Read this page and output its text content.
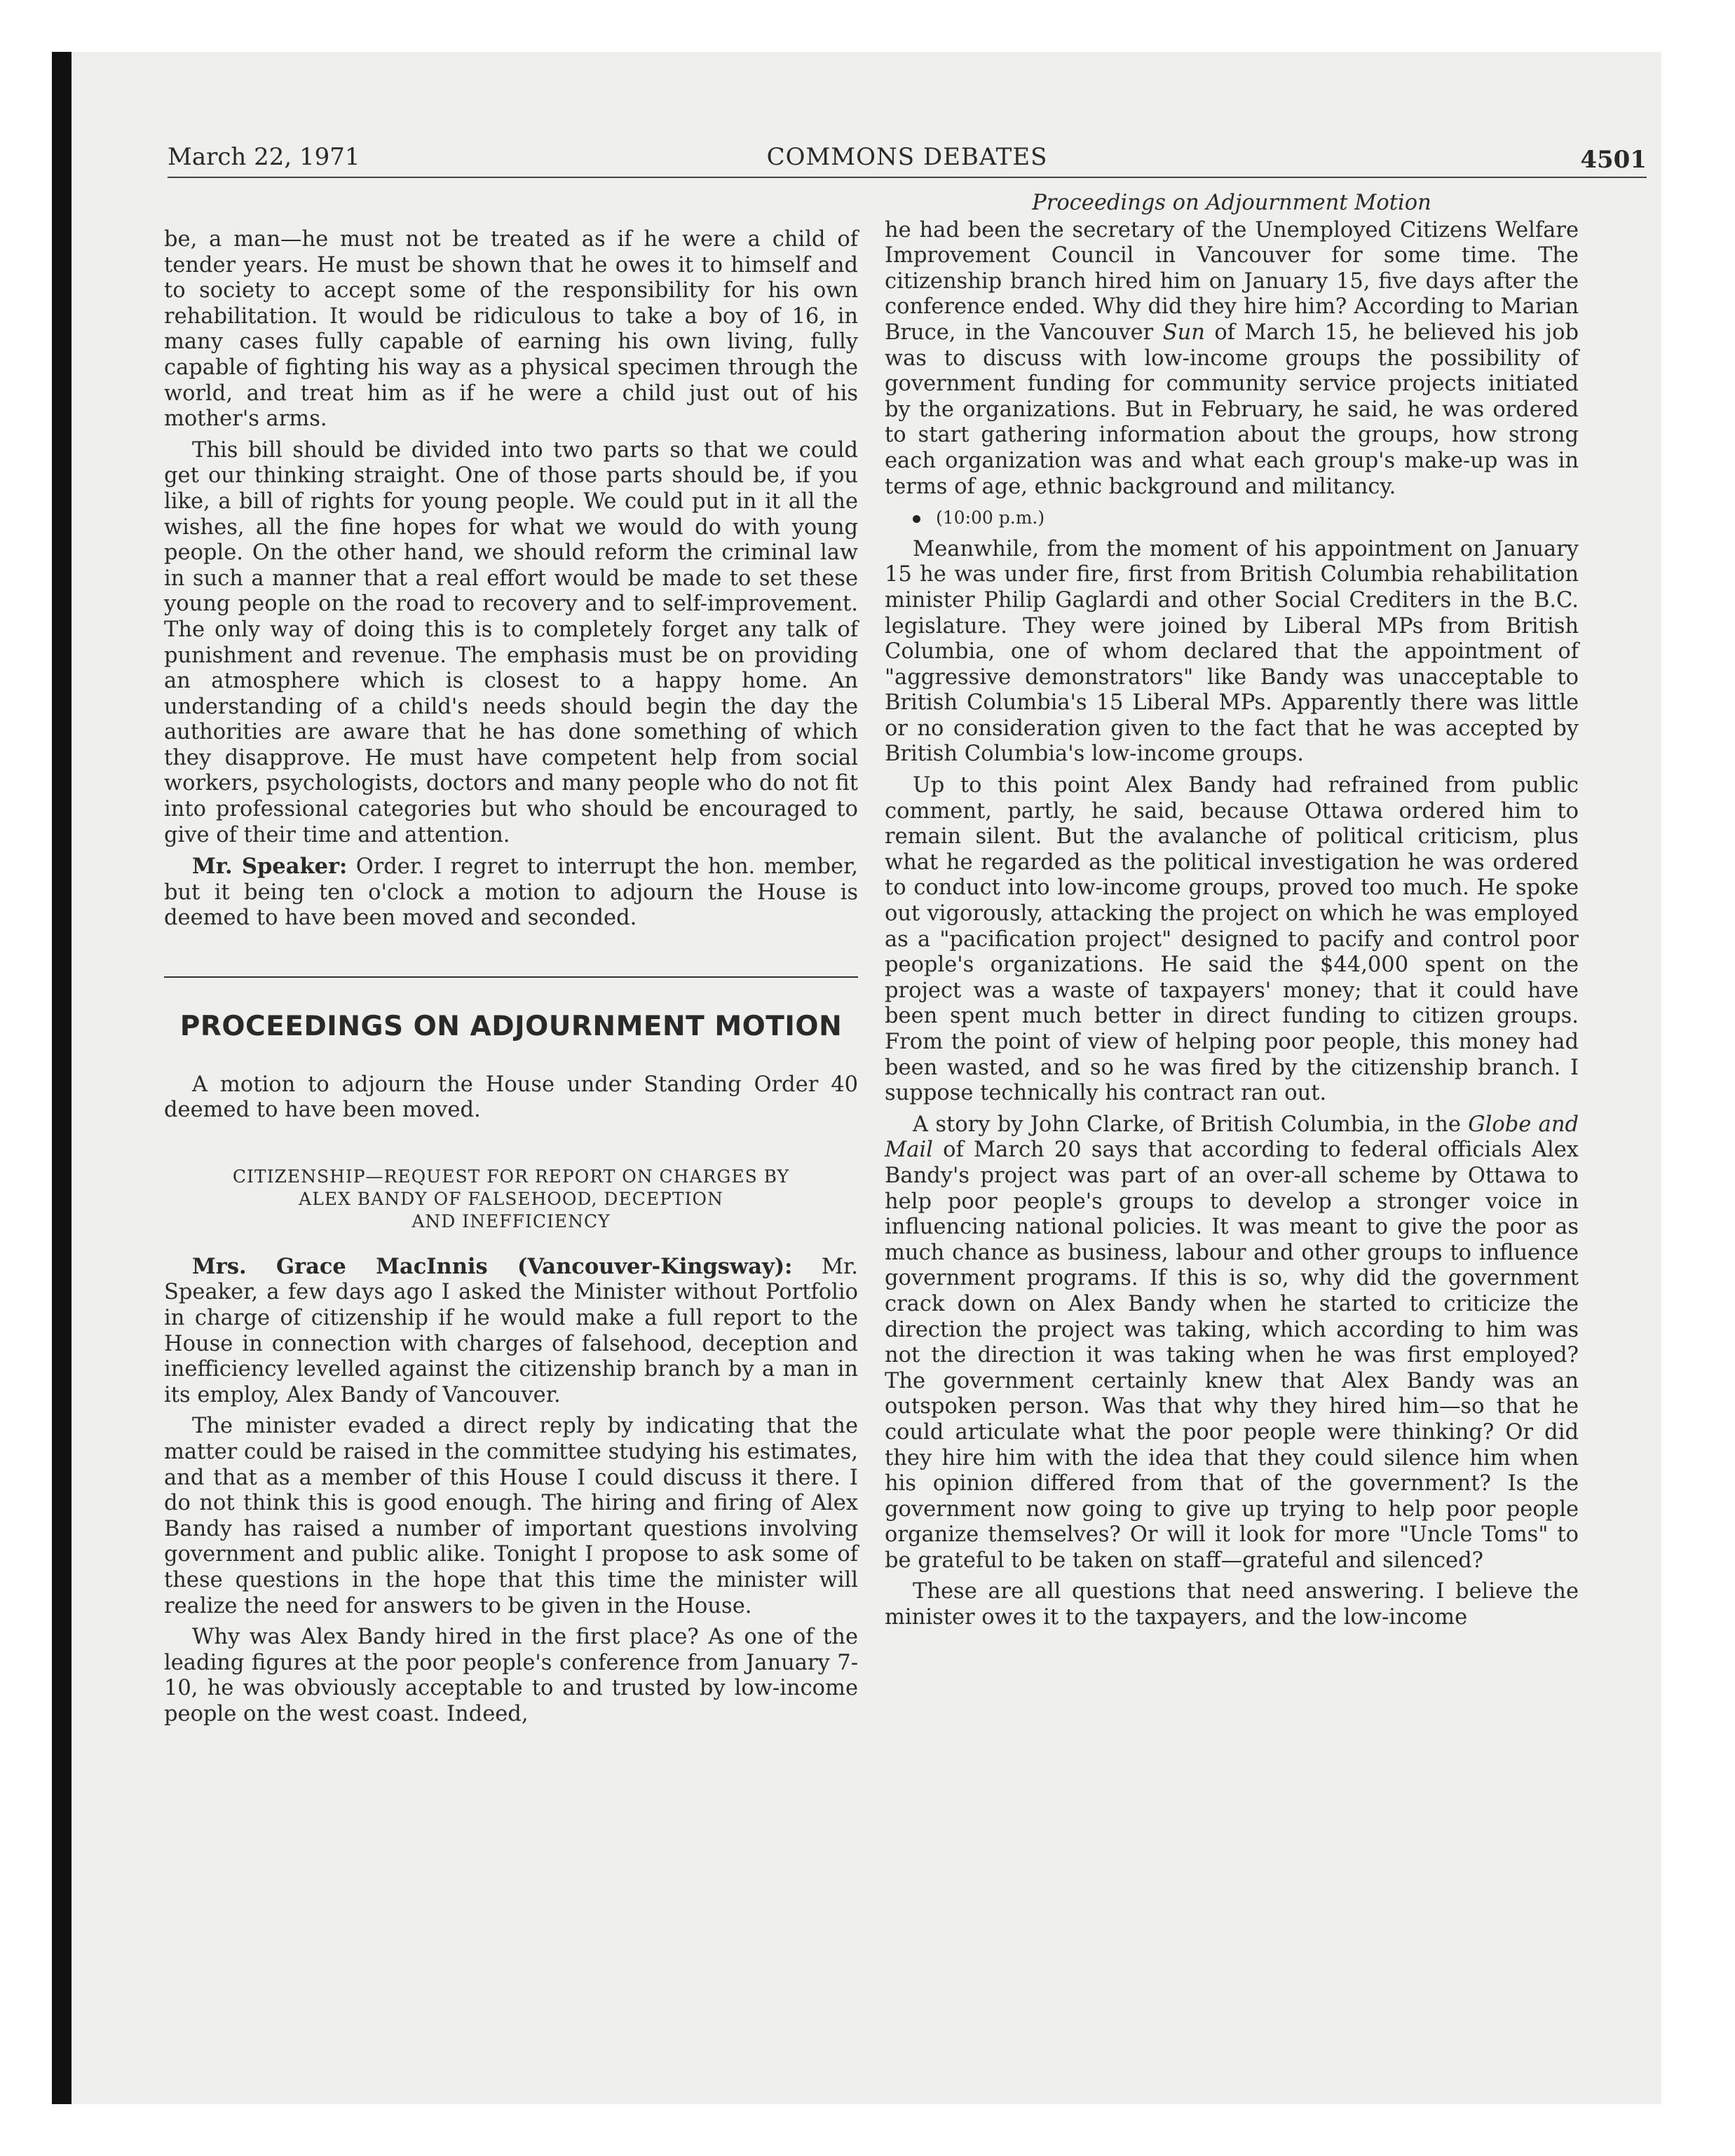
March 22, 1971	COMMONS DEBATES	4501

be, a man—he must not be treated as if he were a child of tender years. He must be shown that he owes it to himself and to society to accept some of the responsibility for his own rehabilitation. It would be ridiculous to take a boy of 16, in many cases fully capable of earning his own living, fully capable of fighting his way as a physical specimen through the world, and treat him as if he were a child just out of his mother's arms.

This bill should be divided into two parts so that we could get our thinking straight. One of those parts should be, if you like, a bill of rights for young people. We could put in it all the wishes, all the fine hopes for what we would do with young people. On the other hand, we should reform the criminal law in such a manner that a real effort would be made to set these young people on the road to recovery and to self-improvement. The only way of doing this is to completely forget any talk of punishment and revenue. The emphasis must be on providing an atmosphere which is closest to a happy home. An understanding of a child's needs should begin the day the authorities are aware that he has done something of which they disapprove. He must have competent help from social workers, psychologists, doctors and many people who do not fit into professional categories but who should be encouraged to give of their time and attention.

Mr. Speaker: Order. I regret to interrupt the hon. member, but it being ten o'clock a motion to adjourn the House is deemed to have been moved and seconded.

PROCEEDINGS ON ADJOURNMENT MOTION

A motion to adjourn the House under Standing Order 40 deemed to have been moved.

CITIZENSHIP—REQUEST FOR REPORT ON CHARGES BY
ALEX BANDY OF FALSEHOOD, DECEPTION
AND INEFFICIENCY

Mrs. Grace MacInnis (Vancouver-Kingsway): Mr. Speaker, a few days ago I asked the Minister without Portfolio in charge of citizenship if he would make a full report to the House in connection with charges of falsehood, deception and inefficiency levelled against the citizenship branch by a man in its employ, Alex Bandy of Vancouver.

The minister evaded a direct reply by indicating that the matter could be raised in the committee studying his estimates, and that as a member of this House I could discuss it there. I do not think this is good enough. The hiring and firing of Alex Bandy has raised a number of important questions involving government and public alike. Tonight I propose to ask some of these questions in the hope that this time the minister will realize the need for answers to be given in the House.

Why was Alex Bandy hired in the first place? As one of the leading figures at the poor people's conference from January 7-10, he was obviously acceptable to and trusted by low-income people on the west coast. Indeed,

Proceedings on Adjournment Motion

he had been the secretary of the Unemployed Citizens Welfare Improvement Council in Vancouver for some time. The citizenship branch hired him on January 15, five days after the conference ended. Why did they hire him? According to Marian Bruce, in the Vancouver Sun of March 15, he believed his job was to discuss with low-income groups the possibility of government funding for community service projects initiated by the organizations. But in February, he said, he was ordered to start gathering information about the groups, how strong each organization was and what each group's make-up was in terms of age, ethnic background and militancy.

(10:00 p.m.)

Meanwhile, from the moment of his appointment on January 15 he was under fire, first from British Columbia rehabilitation minister Philip Gaglardi and other Social Crediters in the B.C. legislature. They were joined by Liberal MPs from British Columbia, one of whom declared that the appointment of "aggressive demonstrators" like Bandy was unacceptable to British Columbia's 15 Liberal MPs. Apparently there was little or no consideration given to the fact that he was accepted by British Columbia's low-income groups.

Up to this point Alex Bandy had refrained from public comment, partly, he said, because Ottawa ordered him to remain silent. But the avalanche of political criticism, plus what he regarded as the political investigation he was ordered to conduct into low-income groups, proved too much. He spoke out vigorously, attacking the project on which he was employed as a "pacification project" designed to pacify and control poor people's organizations. He said the $44,000 spent on the project was a waste of taxpayers' money; that it could have been spent much better in direct funding to citizen groups. From the point of view of helping poor people, this money had been wasted, and so he was fired by the citizenship branch. I suppose technically his contract ran out.

A story by John Clarke, of British Columbia, in the Globe and Mail of March 20 says that according to federal officials Alex Bandy's project was part of an over-all scheme by Ottawa to help poor people's groups to develop a stronger voice in influencing national policies. It was meant to give the poor as much chance as business, labour and other groups to influence government programs. If this is so, why did the government crack down on Alex Bandy when he started to criticize the direction the project was taking, which according to him was not the direction it was taking when he was first employed? The government certainly knew that Alex Bandy was an outspoken person. Was that why they hired him—so that he could articulate what the poor people were thinking? Or did they hire him with the idea that they could silence him when his opinion differed from that of the government? Is the government now going to give up trying to help poor people organize themselves? Or will it look for more "Uncle Toms" to be grateful to be taken on staff—grateful and silenced?

These are all questions that need answering. I believe the minister owes it to the taxpayers, and the low-income
